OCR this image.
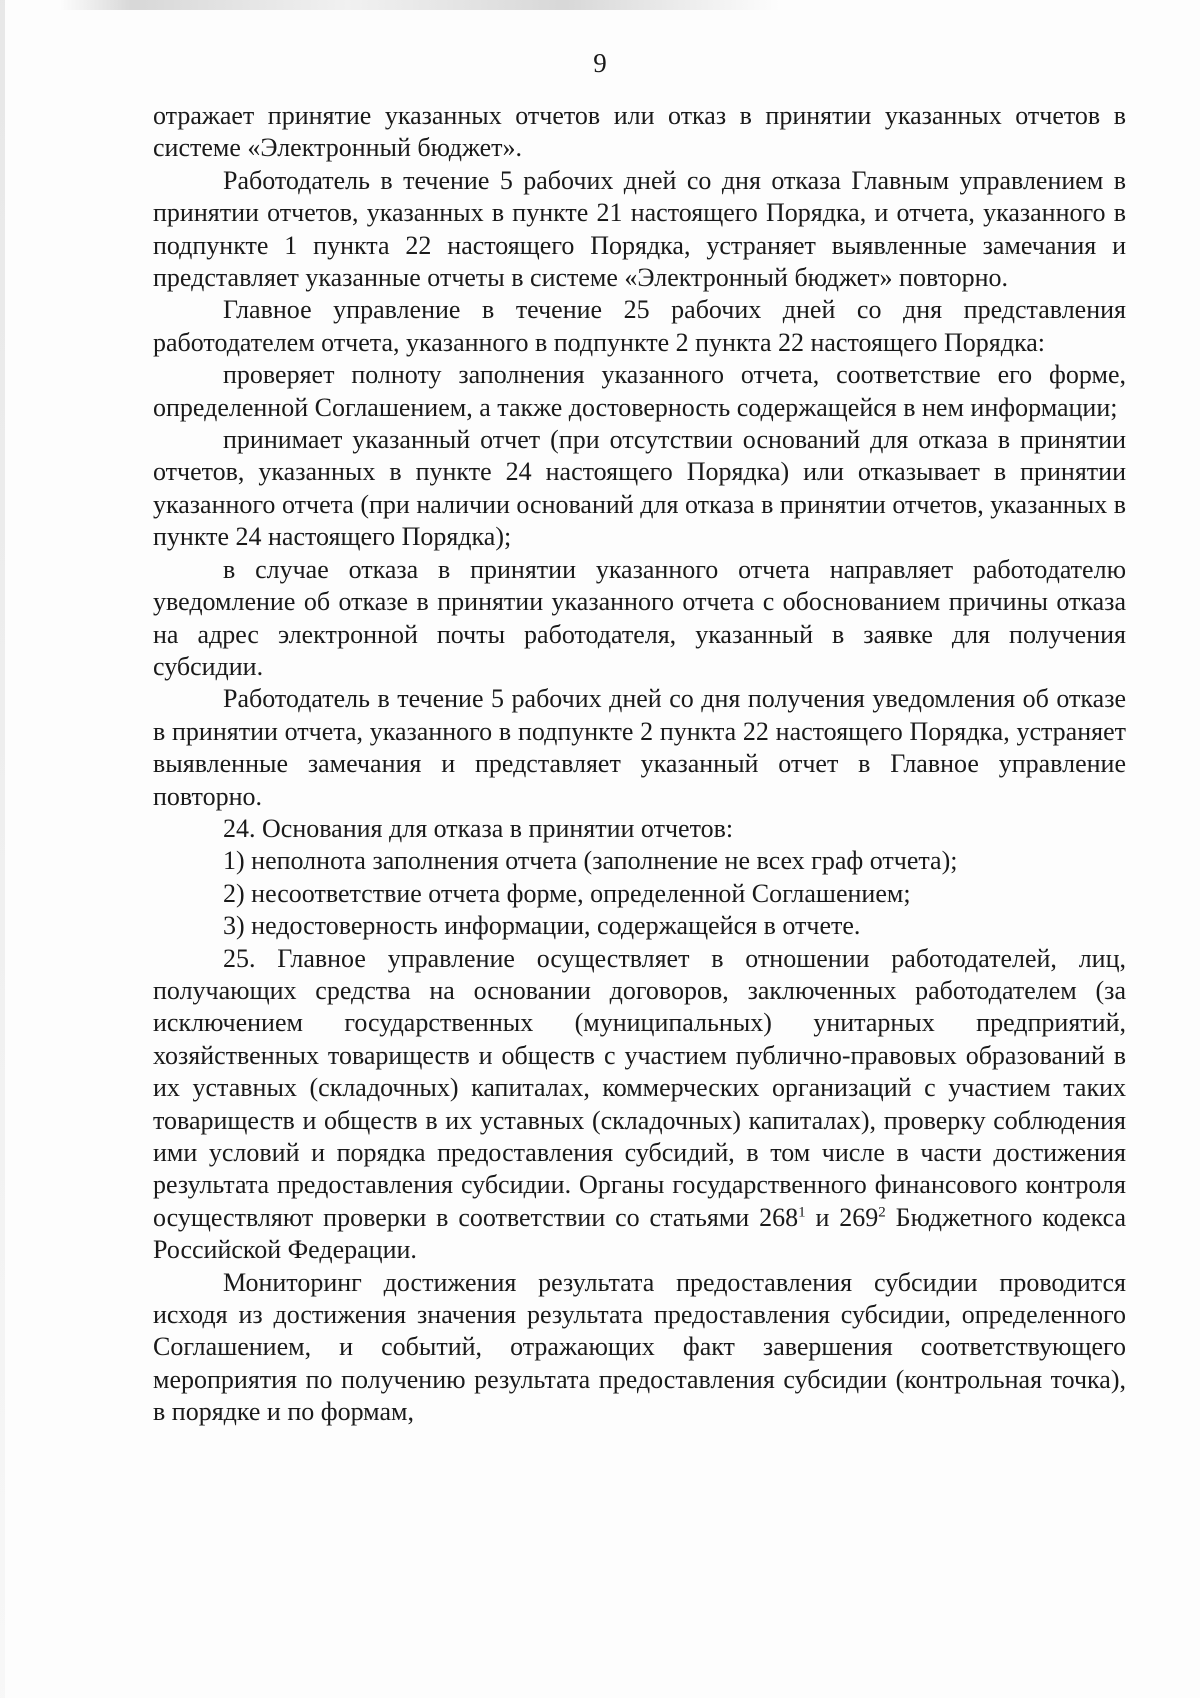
9

отражает принятие указанных отчетов или отказ в принятии указанных отчетов в системе «Электронный бюджет».

Работодатель в течение 5 рабочих дней со дня отказа Главным управлением в принятии отчетов, указанных в пункте 21 настоящего Порядка, и отчета, указанного в подпункте 1 пункта 22 настоящего Порядка, устраняет выявленные замечания и представляет указанные отчеты в системе «Электронный бюджет» повторно.

Главное управление в течение 25 рабочих дней со дня представления работодателем отчета, указанного в подпункте 2 пункта 22 настоящего Порядка:

проверяет полноту заполнения указанного отчета, соответствие его форме, определенной Соглашением, а также достоверность содержащейся в нем информации;

принимает указанный отчет (при отсутствии оснований для отказа в принятии отчетов, указанных в пункте 24 настоящего Порядка) или отказывает в принятии указанного отчета (при наличии оснований для отказа в принятии отчетов, указанных в пункте 24 настоящего Порядка);

в случае отказа в принятии указанного отчета направляет работодателю уведомление об отказе в принятии указанного отчета с обоснованием причины отказа на адрес электронной почты работодателя, указанный в заявке для получения субсидии.

Работодатель в течение 5 рабочих дней со дня получения уведомления об отказе в принятии отчета, указанного в подпункте 2 пункта 22 настоящего Порядка, устраняет выявленные замечания и представляет указанный отчет в Главное управление повторно.

24. Основания для отказа в принятии отчетов:

1) неполнота заполнения отчета (заполнение не всех граф отчета);

2) несоответствие отчета форме, определенной Соглашением;

3) недостоверность информации, содержащейся в отчете.

25. Главное управление осуществляет в отношении работодателей, лиц, получающих средства на основании договоров, заключенных работодателем (за исключением государственных (муниципальных) унитарных предприятий, хозяйственных товариществ и обществ с участием публично-правовых образований в их уставных (складочных) капиталах, коммерческих организаций с участием таких товариществ и обществ в их уставных (складочных) капиталах), проверку соблюдения ими условий и порядка предоставления субсидий, в том числе в части достижения результата предоставления субсидии. Органы государственного финансового контроля осуществляют проверки в соответствии со статьями $268^1$ и $269^2$ Бюджетного кодекса Российской Федерации.

Мониторинг достижения результата предоставления субсидии проводится исходя из достижения значения результата предоставления субсидии, определенного Соглашением, и событий, отражающих факт завершения соответствующего мероприятия по получению результата предоставления субсидии (контрольная точка), в порядке и по формам,
